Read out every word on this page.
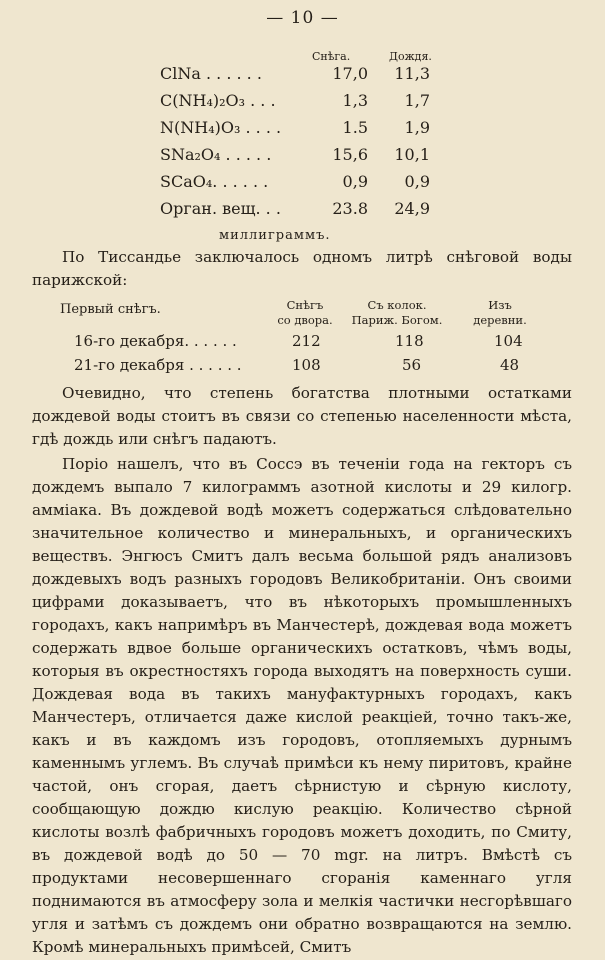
— 10 —
Снѣга.	Дождя.
ClNa . . . . . .	17,0 11,3
C(NH₄)₂O₃ . . .	1,3 1,7
N(NH₄)O₃ . . . .	1.5 1,9
SNa₂O₄ . . . . .	15,6 10,1
SCaO₄. . . . . .	0,9 0,9
Орган. вещ. . .	23.8 24,9
миллиграммъ.

По Тиссандье заключалось одномъ литрѣ снѣговой воды парижской:

Первый снѣгъ.	Снѣгъ
со двора.
Съ колок.
Париж. Богом.
Изъ
деревни.
16-го декабря. . . . . .	212	118	104
21-го декабря . . . . . .	108	56	48

Очевидно, что степень богатства плотными остатками дождевой воды стоитъ въ связи со степенью населенности мѣста, гдѣ дождь или снѣгъ падаютъ.

Поріо нашелъ, что въ Соссэ въ теченіи года на гекторъ съ дождемъ выпало 7 килограммъ азотной кислоты и 29 килогр. амміака. Въ дождевой водѣ можетъ содержаться слѣдовательно значительное количество и минеральныхъ, и органическихъ веществъ. Энгюсъ Смитъ далъ весьма большой рядъ анализовъ дождевыхъ водъ разныхъ городовъ Великобританіи. Онъ своими цифрами доказываетъ, что въ нѣкоторыхъ промышленныхъ городахъ, какъ напримѣръ въ Манчестерѣ, дождевая вода можетъ содержать вдвое больше органическихъ остатковъ, чѣмъ воды, которыя въ окрестностяхъ города выходятъ на поверхность суши. Дождевая вода въ такихъ мануфактурныхъ городахъ, какъ Манчестеръ, отличается даже кислой реакціей, точно такъ-же, какъ и въ каждомъ изъ городовъ, отопляемыхъ дурнымъ каменнымъ углемъ. Въ случаѣ примѣси къ нему пиритовъ, крайне частой, онъ сгорая, даетъ сѣрнистую и сѣрную кислоту, сообщающую дождю кислую реакцію. Количество сѣрной кислоты возлѣ фабричныхъ городовъ можетъ доходить, по Смиту, въ дождевой водѣ до 50 — 70 mgr. на литръ. Вмѣстѣ съ продуктами несовершеннаго сгоранія каменнаго угля поднимаются въ атмосферу зола и мелкія частички несгорѣвшаго угля и затѣмъ съ дождемъ они обратно возвращаются на землю. Кромѣ минеральныхъ примѣсей, Смитъ
